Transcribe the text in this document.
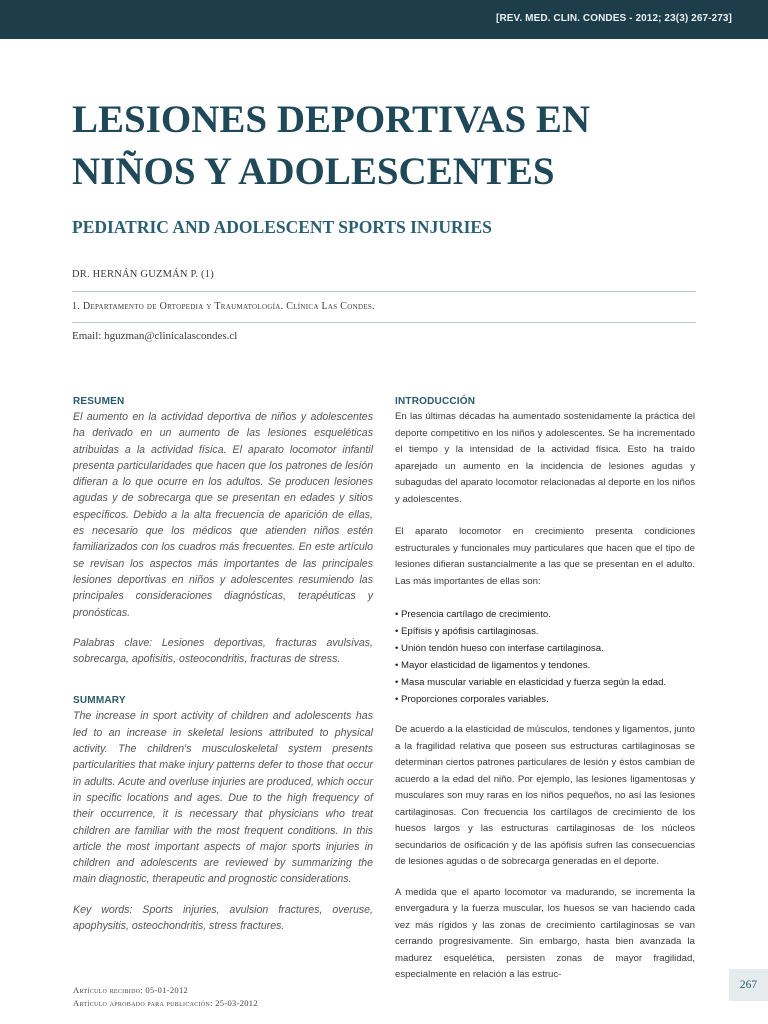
[REV. MED. CLIN. CONDES - 2012; 23(3) 267-273]
LESIONES DEPORTIVAS EN NIÑOS Y ADOLESCENTES
PEDIATRIC AND ADOLESCENT SPORTS INJURIES
DR. HERNÁN GUZMÁN P. (1)
1. Departamento de Ortopedia y Traumatología. Clínica Las Condes.
Email: hguzman@clinicalascondes.cl
RESUMEN

El aumento en la actividad deportiva de niños y adolescentes ha derivado en un aumento de las lesiones esqueléticas atribuidas a la actividad física. El aparato locomotor infantil presenta particularidades que hacen que los patrones de lesión difieran a lo que ocurre en los adultos. Se producen lesiones agudas y de sobrecarga que se presentan en edades y sitios específicos. Debido a la alta frecuencia de aparición de ellas, es necesario que los médicos que atienden niños estén familiarizados con los cuadros más frecuentes. En este artículo se revisan los aspectos más importantes de las principales lesiones deportivas en niños y adolescentes resumiendo las principales consideraciones diagnósticas, terapéuticas y pronósticas.

Palabras clave: Lesiones deportivas, fracturas avulsivas, sobrecarga, apofisitis, osteocondritis, fracturas de stress.

SUMMARY

The increase in sport activity of children and adolescents has led to an increase in skeletal lesions attributed to physical activity. The children's musculoskeletal system presents particularities that make injury patterns defer to those that occur in adults. Acute and overluse injuries are produced, which occur in specific locations and ages. Due to the high frequency of their occurrence, it is necessary that physicians who treat children are familiar with the most frequent conditions. In this article the most important aspects of major sports injuries in children and adolescents are reviewed by summarizing the main diagnostic, therapeutic and prognostic considerations.

Key words: Sports injuries, avulsion fractures, overuse, apophysitis, osteochondritis, stress fractures.

INTRODUCCIÓN

En las últimas décadas ha aumentado sostenidamente la práctica del deporte competitivo en los niños y adolescentes. Se ha incrementado el tiempo y la intensidad de la actividad física. Esto ha traído aparejado un aumento en la incidencia de lesiones agudas y subagudas del aparato locomotor relacionadas al deporte en los niños y adolescentes.

El aparato locomotor en crecimiento presenta condiciones estructurales y funcionales muy particulares que hacen que el tipo de lesiones difieran sustancialmente a las que se presentan en el adulto. Las más importantes de ellas son:

• Presencia cartílago de crecimiento.
• Epífisis y apófisis cartilaginosas.
• Unión tendón hueso con interfase cartilaginosa.
• Mayor elasticidad de ligamentos y tendones.
• Masa muscular variable en elasticidad y fuerza según la edad.
• Proporciones corporales variables.

De acuerdo a la elasticidad de músculos, tendones y ligamentos, junto a la fragilidad relativa que poseen sus estructuras cartilaginosas se determinan ciertos patrones particulares de lesión y éstos cambian de acuerdo a la edad del niño. Por ejemplo, las lesiones ligamentosas y musculares son muy raras en los niños pequeños, no así las lesiones cartilaginosas. Con frecuencia los cartílagos de crecimiento de los huesos largos y las estructuras cartilaginosas de los núcleos secundarios de osificación y de las apófisis sufren las consecuencias de lesiones agudas o de sobrecarga generadas en el deporte.

A medida que el aparto locomotor va madurando, se incrementa la envergadura y la fuerza muscular, los huesos se van haciendo cada vez más rígidos y las zonas de crecimiento cartilaginosas se van cerrando progresivamente. Sin embargo, hasta bien avanzada la madurez esquelética, persisten zonas de mayor fragilidad, especialmente en relación a las estruc-

Artículo recibido: 05-01-2012
Artículo aprobado para publicación: 25-03-2012
267
